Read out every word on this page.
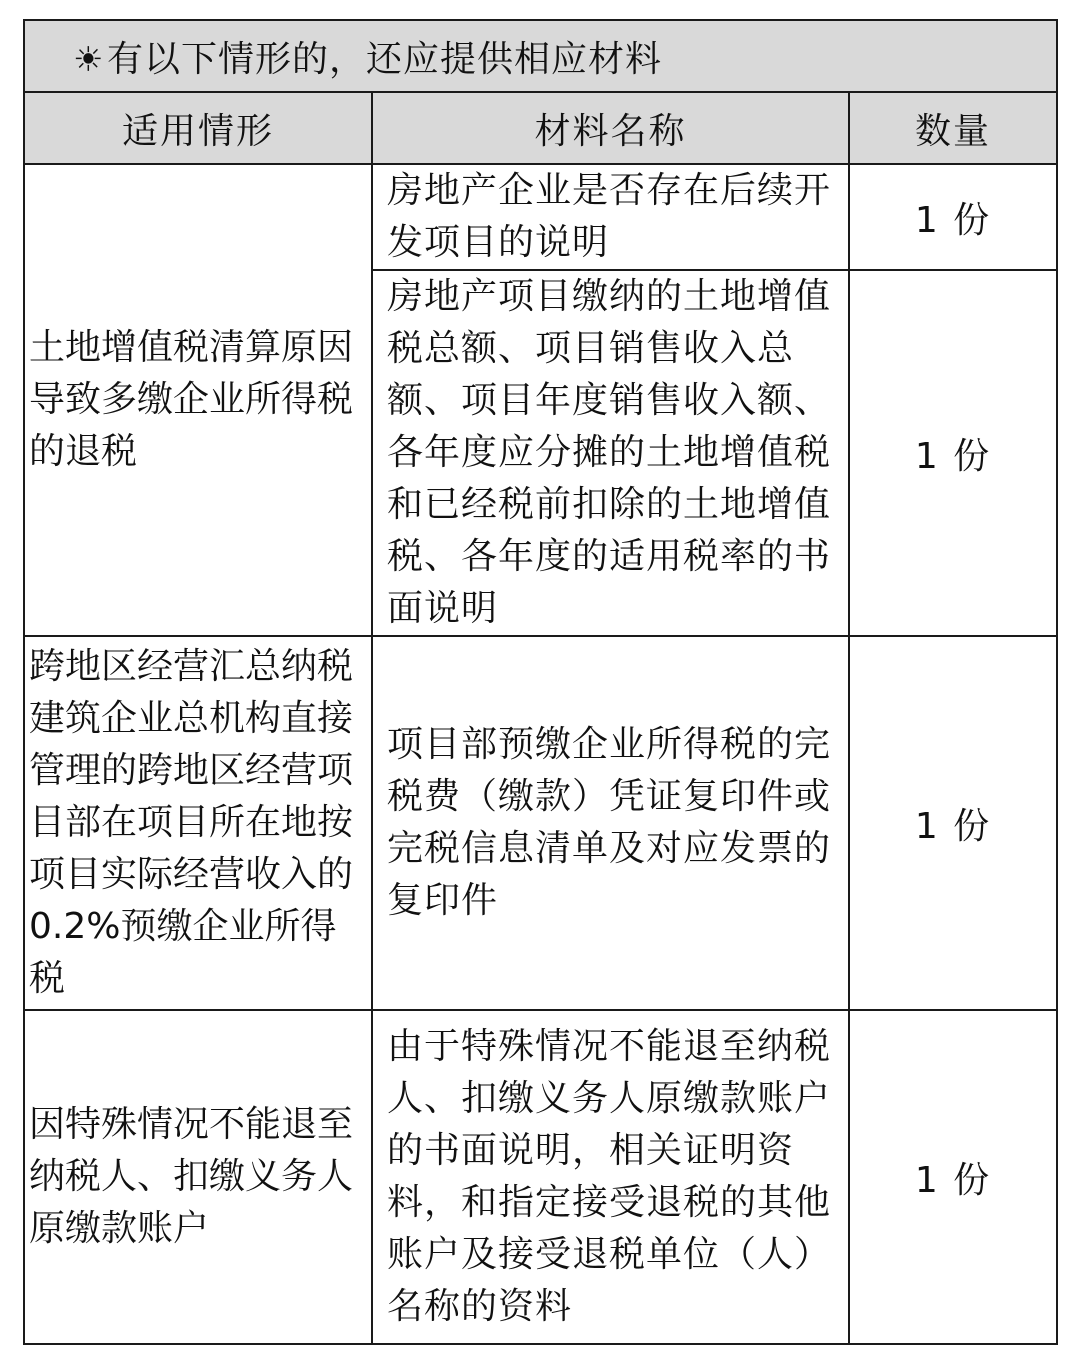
☀有以下情形的，还应提供相应材料		
适用情形	材料名称	数量
土地增值税清算原因导致多缴企业所得税的退税	房地产企业是否存在后续开发项目的说明	1 份
	房地产项目缴纳的土地增值税总额、项目销售收入总额、项目年度销售收入额、各年度应分摊的土地增值税和已经税前扣除的土地增值税、各年度的适用税率的书面说明	1 份
跨地区经营汇总纳税建筑企业总机构直接管理的跨地区经营项目部在项目所在地按项目实际经营收入的 0.2%预缴企业所得税	项目部预缴企业所得税的完税费（缴款）凭证复印件或完税信息清单及对应发票的复印件	1 份
因特殊情况不能退至纳税人、扣缴义务人原缴款账户	由于特殊情况不能退至纳税人、扣缴义务人原缴款账户的书面说明，相关证明资料，和指定接受退税的其他账户及接受退税单位（人）名称的资料	1 份
